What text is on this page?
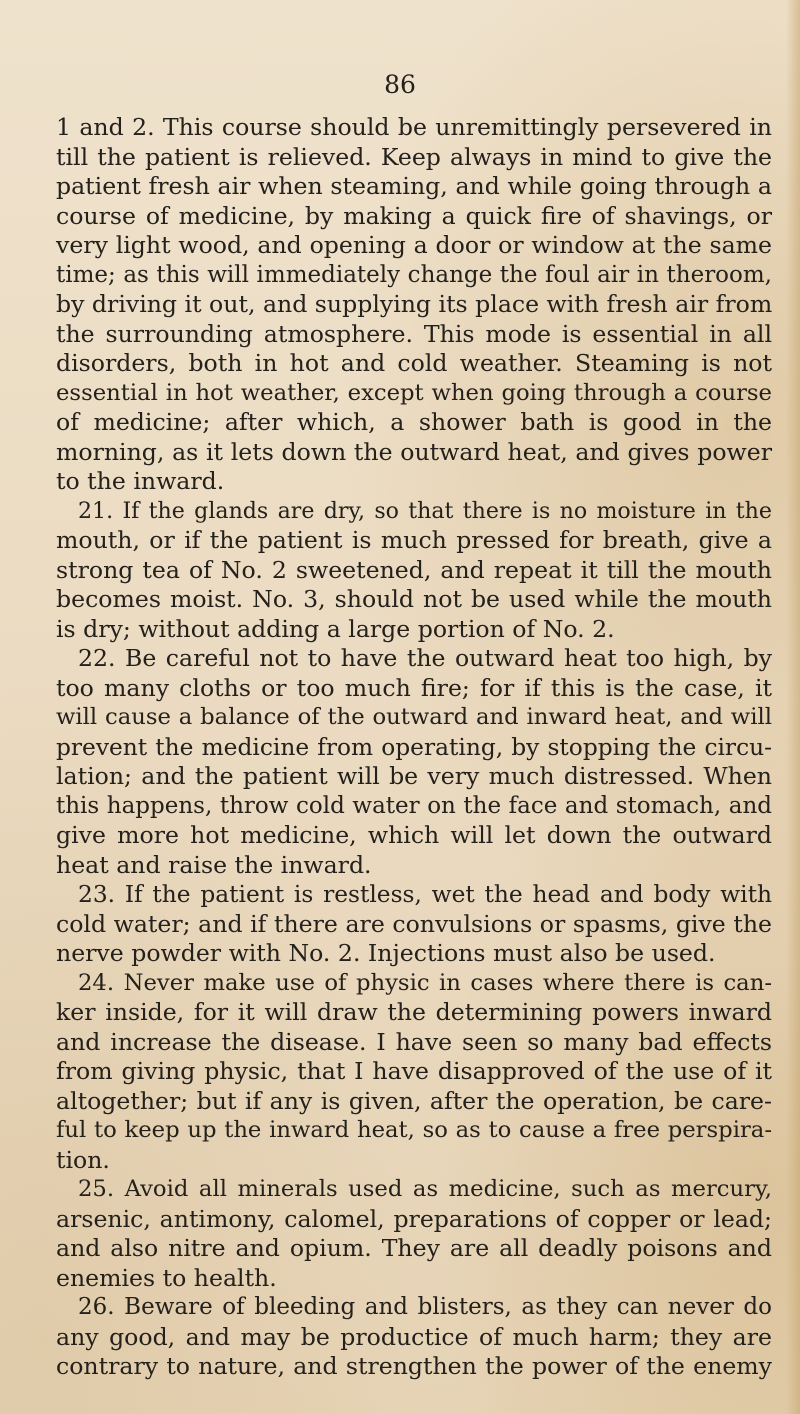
86
1 and 2. This course should be unremittingly persevered in
till the patient is relieved. Keep always in mind to give the
patient fresh air when steaming, and while going through a
course of medicine, by making a quick fire of shavings, or
very light wood, and opening a door or window at the same
time; as this will immediately change the foul air in theroom,
by driving it out, and supplying its place with fresh air from
the surrounding atmosphere. This mode is essential in all
disorders, both in hot and cold weather. Steaming is not
essential in hot weather, except when going through a course
of medicine; after which, a shower bath is good in the
morning, as it lets down the outward heat, and gives power
to the inward.
21. If the glands are dry, so that there is no moisture in the
mouth, or if the patient is much pressed for breath, give a
strong tea of No. 2 sweetened, and repeat it till the mouth
becomes moist. No. 3, should not be used while the mouth
is dry; without adding a large portion of No. 2.
22. Be careful not to have the outward heat too high, by
too many cloths or too much fire; for if this is the case, it
will cause a balance of the outward and inward heat, and will
prevent the medicine from operating, by stopping the circu-
lation; and the patient will be very much distressed. When
this happens, throw cold water on the face and stomach, and
give more hot medicine, which will let down the outward
heat and raise the inward.
23. If the patient is restless, wet the head and body with
cold water; and if there are convulsions or spasms, give the
nerve powder with No. 2. Injections must also be used.
24. Never make use of physic in cases where there is can-
ker inside, for it will draw the determining powers inward
and increase the disease. I have seen so many bad effects
from giving physic, that I have disapproved of the use of it
altogether; but if any is given, after the operation, be care-
ful to keep up the inward heat, so as to cause a free perspira-
tion.
25. Avoid all minerals used as medicine, such as mercury,
arsenic, antimony, calomel, preparations of copper or lead;
and also nitre and opium. They are all deadly poisons and
enemies to health.
26. Beware of bleeding and blisters, as they can never do
any good, and may be productice of much harm; they are
contrary to nature, and strengthen the power of the enemy
